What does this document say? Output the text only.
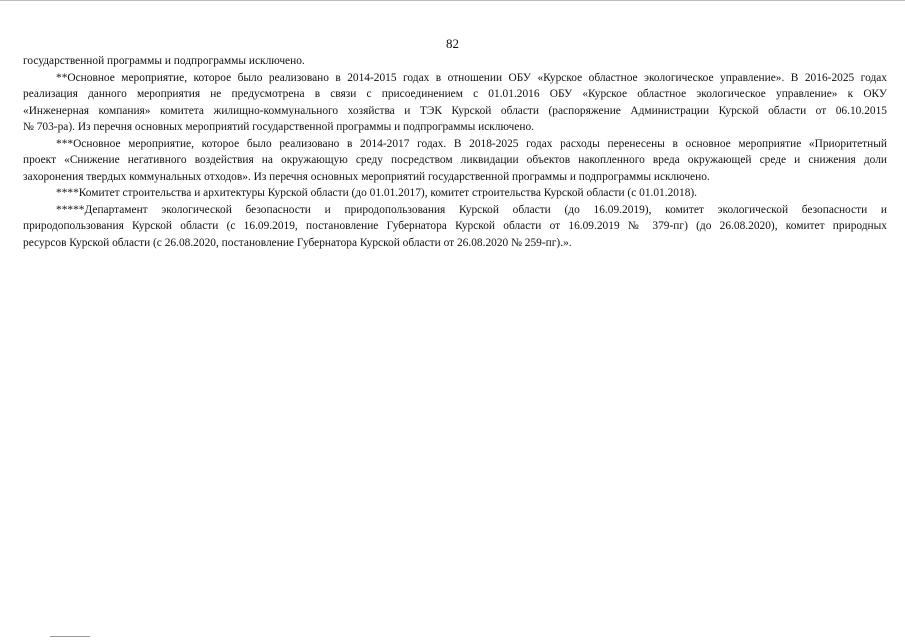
82
государственной программы и подпрограммы исключено.
**Основное мероприятие, которое было реализовано в 2014-2015 годах в отношении ОБУ «Курское областное экологическое управление». В 2016-2025 годах
реализация данного мероприятия не предусмотрена в связи с присоединением с 01.01.2016 ОБУ «Курское областное экологическое управление» к ОКУ
«Инженерная компания» комитета жилищно-коммунального хозяйства и ТЭК Курской области (распоряжение Администрации Курской области от 06.10.2015
№ 703-ра). Из перечня основных мероприятий государственной программы и подпрограммы исключено.
***Основное мероприятие, которое было реализовано в 2014-2017 годах. В 2018-2025 годах расходы перенесены в основное мероприятие «Приоритетный
проект «Снижение негативного воздействия на окружающую среду посредством ликвидации объектов накопленного вреда окружающей среде и снижения доли
захоронения твердых коммунальных отходов». Из перечня основных мероприятий государственной программы и подпрограммы исключено.
****Комитет строительства и архитектуры Курской области (до 01.01.2017), комитет строительства Курской области (с 01.01.2018).
*****Департамент экологической безопасности и природопользования Курской области (до 16.09.2019), комитет экологической безопасности и
природопользования Курской области (с 16.09.2019, постановление Губернатора Курской области от 16.09.2019 № 379-пг) (до 26.08.2020), комитет природных
ресурсов Курской области (с 26.08.2020, постановление Губернатора Курской области от 26.08.2020 № 259-пг).».
